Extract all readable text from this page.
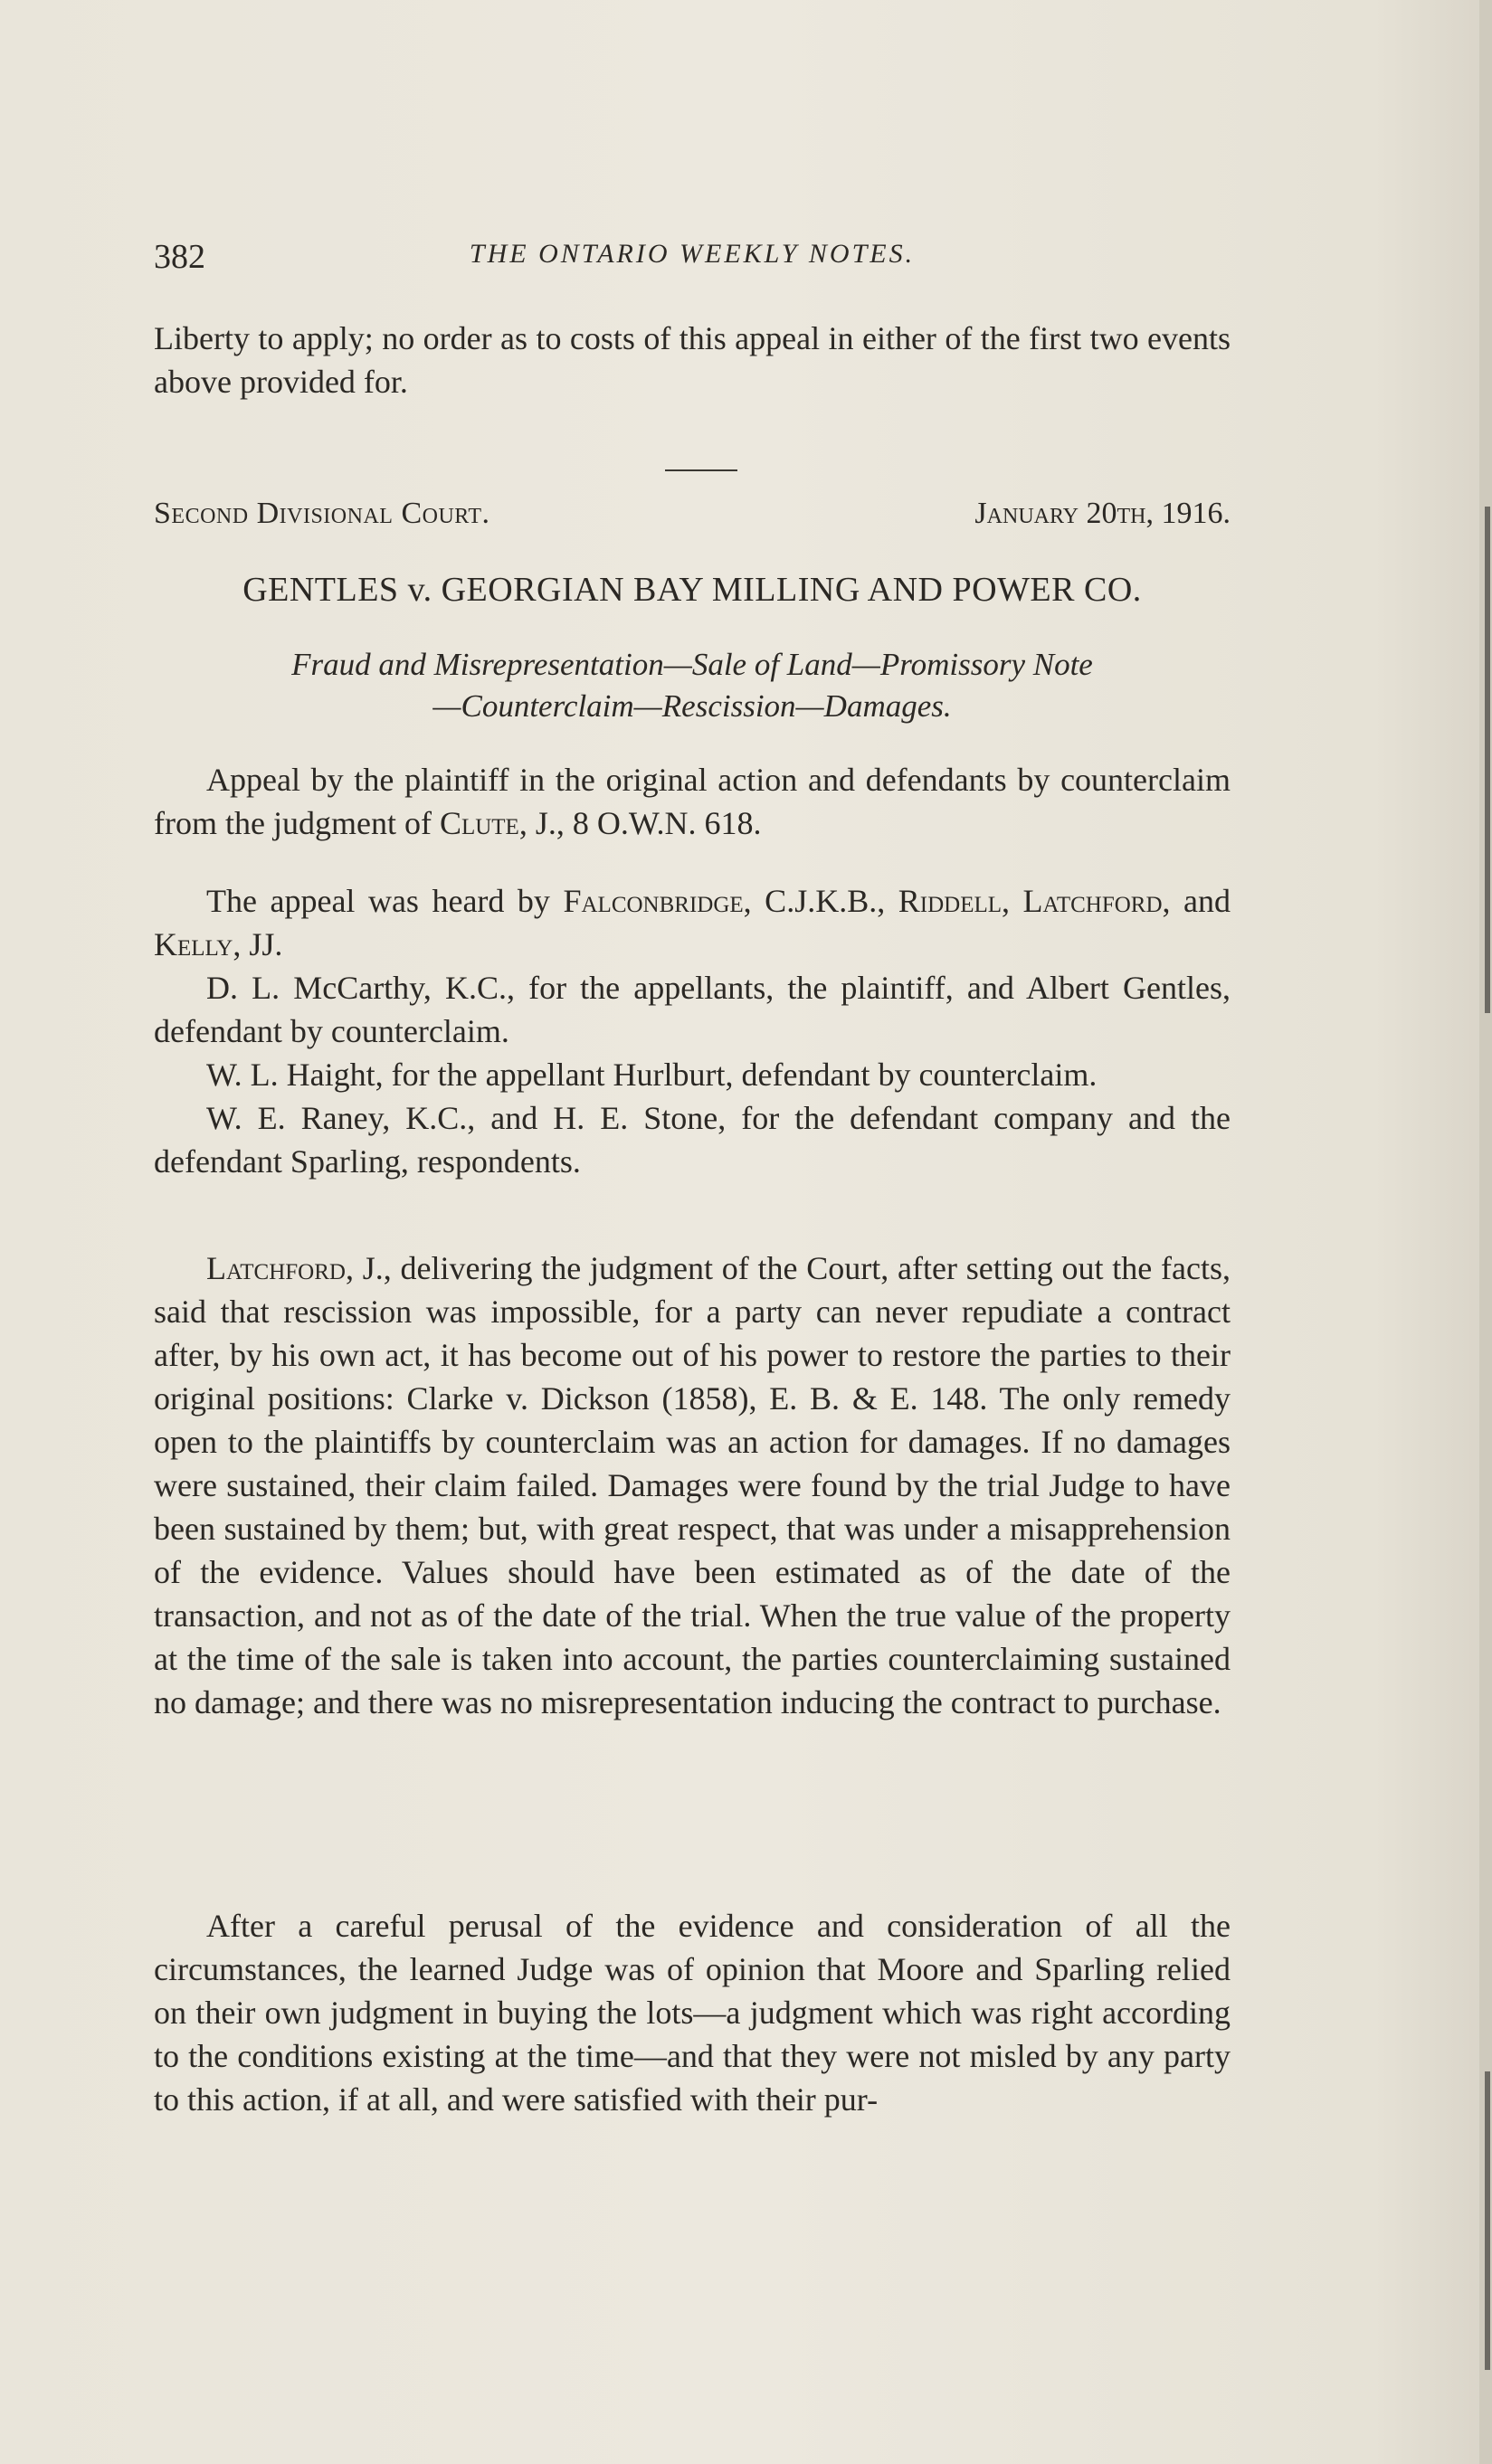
382	THE ONTARIO WEEKLY NOTES.

Liberty to apply; no order as to costs of this appeal in either of the first two events above provided for.

Second Divisional Court.	January 20th, 1916.
GENTLES v. GEORGIAN BAY MILLING AND POWER CO.
Fraud and Misrepresentation—Sale of Land—Promissory Note
—Counterclaim—Rescission—Damages.

Appeal by the plaintiff in the original action and defendants by counterclaim from the judgment of Clute, J., 8 O.W.N. 618.

The appeal was heard by Falconbridge, C.J.K.B., Riddell, Latchford, and Kelly, JJ.

D. L. McCarthy, K.C., for the appellants, the plaintiff, and Albert Gentles, defendant by counterclaim.

W. L. Haight, for the appellant Hurlburt, defendant by counterclaim.

W. E. Raney, K.C., and H. E. Stone, for the defendant company and the defendant Sparling, respondents.

Latchford, J., delivering the judgment of the Court, after setting out the facts, said that rescission was impossible, for a party can never repudiate a contract after, by his own act, it has become out of his power to restore the parties to their original positions: Clarke v. Dickson (1858), E. B. & E. 148. The only remedy open to the plaintiffs by counterclaim was an action for damages. If no damages were sustained, their claim failed. Damages were found by the trial Judge to have been sustained by them; but, with great respect, that was under a misapprehension of the evidence. Values should have been estimated as of the date of the transaction, and not as of the date of the trial. When the true value of the property at the time of the sale is taken into account, the parties counterclaiming sustained no damage; and there was no misrepresentation inducing the contract to purchase.

After a careful perusal of the evidence and consideration of all the circumstances, the learned Judge was of opinion that Moore and Sparling relied on their own judgment in buying the lots—a judgment which was right according to the conditions existing at the time—and that they were not misled by any party to this action, if at all, and were satisfied with their pur-
